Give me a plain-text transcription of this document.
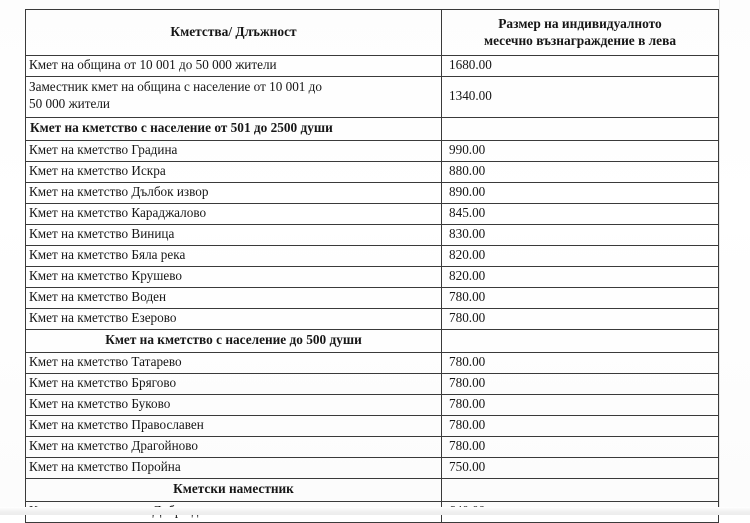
Кметства/ Длъжност	Размер на индивидуалното
месечно възнаграждение в лева

Кмет на община от 10 001 до 50 000 жители	1680.00

Заместник кмет на община с население от 10 001 до
50 000 жители	1340.00
Кмет на кметство с население от 501 до 2500 души	
Кмет на кметство Градина	990.00
Кмет на кметство Искра	880.00
Кмет на кметство Дълбок извор	890.00
Кмет на кметство Караджалово	845.00
Кмет на кметство Виница	830.00
Кмет на кметство Бяла река	820.00
Кмет на кметство Крушево	820.00
Кмет на кметство Воден	780.00
Кмет на кметство Езерово	780.00
Кмет на кметство с население до 500 души	
Кмет на кметство Татарево	780.00
Кмет на кметство Брягово	780.00
Кмет на кметство Буково	780.00
Кмет на кметство Православен	780.00
Кмет на кметство Драгойново	780.00
Кмет на кметство Поройна	750.00
Кметски наместник	
